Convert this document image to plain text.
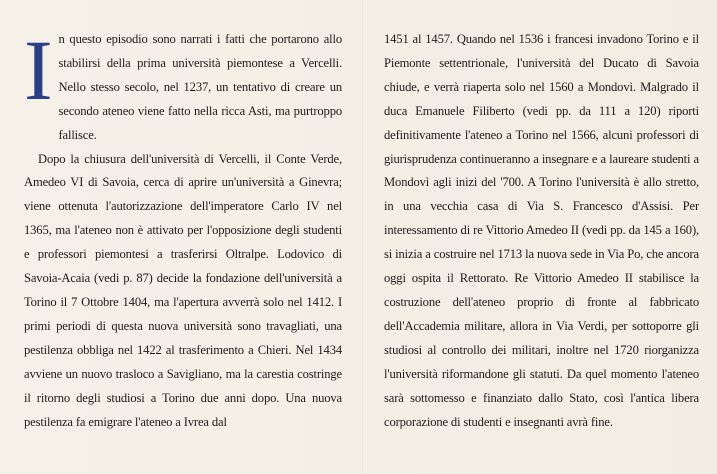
In questo episodio sono narrati i fatti che portarono allo stabilirsi della prima università piemontese a Vercelli. Nello stesso secolo, nel 1237, un tentativo di creare un secondo ateneo viene fatto nella ricca Asti, ma purtroppo fallisce.

Dopo la chiusura dell'università di Vercelli, il Conte Verde, Amedeo VI di Savoia, cerca di aprire un'università a Ginevra; viene ottenuta l'autorizzazione dell'imperatore Carlo IV nel 1365, ma l'ateneo non è attivato per l'opposizione degli studenti e professori piemontesi a trasferirsi Oltralpe. Lodovico di Savoia-Acaia (vedi p. 87) decide la fondazione dell'università a Torino il 7 Ottobre 1404, ma l'apertura avverrà solo nel 1412. I primi periodi di questa nuova università sono travagliati, una pestilenza obbliga nel 1422 al trasferimento a Chieri. Nel 1434 avviene un nuovo trasloco a Savigliano, ma la carestia costringe il ritorno degli studiosi a Torino due anni dopo. Una nuova pestilenza fa emigrare l'ateneo a Ivrea dal

1451 al 1457. Quando nel 1536 i francesi invadono Torino e il Piemonte settentrionale, l'università del Ducato di Savoia chiude, e verrà riaperta solo nel 1560 a Mondovì. Malgrado il duca Emanuele Filiberto (vedi pp. da 111 a 120) riporti definitivamente l'ateneo a Torino nel 1566, alcuni professori di giurisprudenza continueranno a insegnare e a laureare studenti a Mondovì agli inizi del '700. A Torino l'università è allo stretto, in una vecchia casa di Via S. Francesco d'Assisi. Per interessamento di re Vittorio Amedeo II (vedi pp. da 145 a 160), si inizia a costruire nel 1713 la nuova sede in Via Po, che ancora oggi ospita il Rettorato. Re Vittorio Amedeo II stabilisce la costruzione dell'ateneo proprio di fronte al fabbricato dell'Accademia militare, allora in Via Verdi, per sottoporre gli studiosi al controllo dei militari, inoltre nel 1720 riorganizza l'università riformandone gli statuti. Da quel momento l'ateneo sarà sottomesso e finanziato dallo Stato, così l'antica libera corporazione di studenti e insegnanti avrà fine.
